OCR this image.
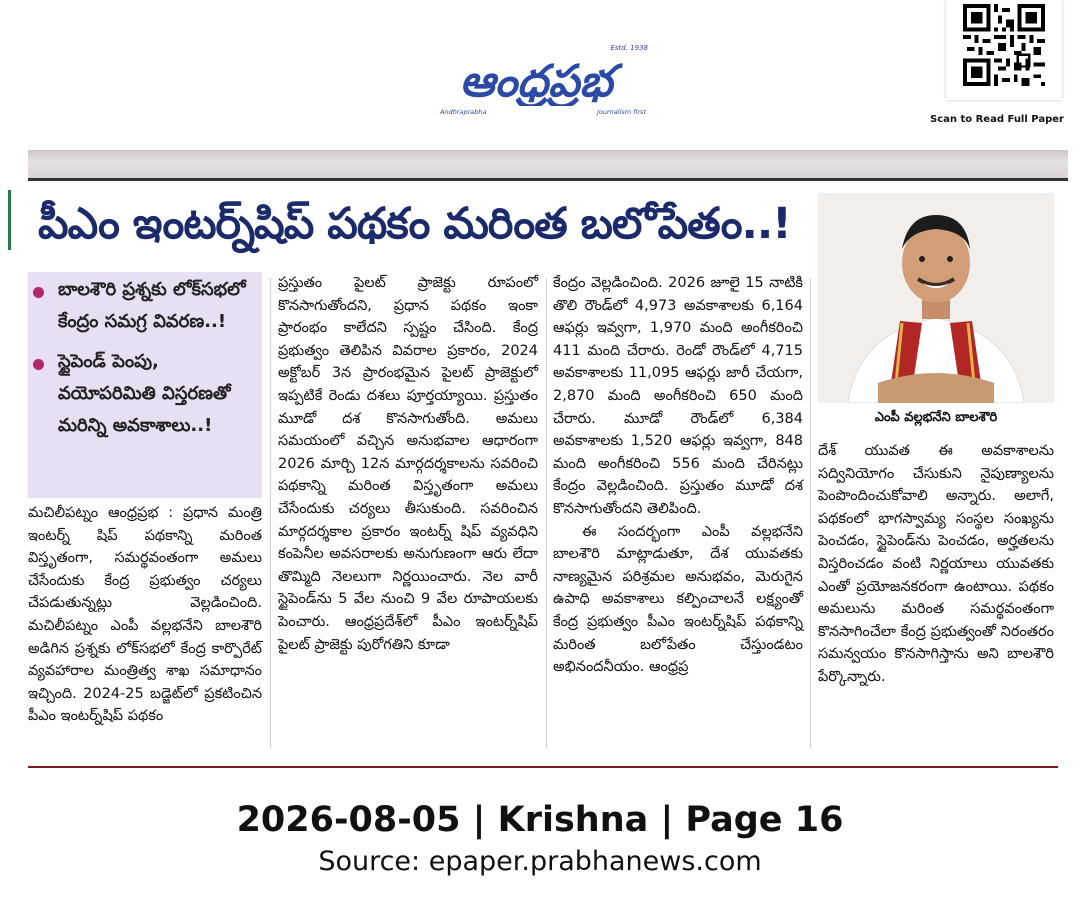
Estd. 1938
ఆంధ్రప్రభ
Andhraprabha	Journalism first
Scan to Read Full Paper
పీఎం ఇంటర్న్‌షిప్ పథకం మరింత బలోపేతం..!
బాలశౌరి ప్రశ్నకు లోక్‌సభలో కేంద్రం సమగ్ర వివరణ..!
స్టైపెండ్ పెంపు, వయోపరిమితి విస్తరణతో మరిన్ని అవకాశాలు..!
మచిలీపట్నం ఆంధ్రప్రభ : ప్రధాన మంత్రి ఇంటర్న్ షిప్ పథకాన్ని మరింత విస్తృతంగా, సమర్థవంతంగా అమలు చేసేందుకు కేంద్ర ప్రభుత్వం చర్యలు చేపడుతున్నట్లు వెల్లడించింది. మచిలీపట్నం ఎంపీ వల్లభనేని బాలశౌరి అడిగిన ప్రశ్నకు లోక్‌సభలో కేంద్ర కార్పొరేట్ వ్యవహారాల మంత్రిత్వ శాఖ సమాధానం ఇచ్చింది. 2024-25 బడ్జెట్‌లో ప్రకటించిన పీఎం ఇంటర్న్‌షిప్ పథకం
ప్రస్తుతం పైలట్ ప్రాజెక్టు రూపంలో కొనసాగుతోందని, ప్రధాన పథకం ఇంకా ప్రారంభం కాలేదని స్పష్టం చేసింది. కేంద్ర ప్రభుత్వం తెలిపిన వివరాల ప్రకారం, 2024 అక్టోబర్ 3న ప్రారంభమైన పైలట్ ప్రాజెక్టులో ఇప్పటికే రెండు దశలు పూర్తయ్యాయి. ప్రస్తుతం మూడో దశ కొనసాగుతోంది. అమలు సమయంలో వచ్చిన అనుభవాల ఆధారంగా 2026 మార్చి 12న మార్గదర్శకాలను సవరించి పథకాన్ని మరింత విస్తృతంగా అమలు చేసేందుకు చర్యలు తీసుకుంది. సవరించిన మార్గదర్శకాల ప్రకారం ఇంటర్న్ షిప్ వ్యవధిని కంపెనీల అవసరాలకు అనుగుణంగా ఆరు లేదా తొమ్మిది నెలలుగా నిర్ణయించారు. నెల వారీ స్టైపెండ్‌ను 5 వేల నుంచి 9 వేల రూపాయలకు పెంచారు. ఆంధ్రప్రదేశ్‌లో పీఎం ఇంటర్న్‌షిప్ పైలట్ ప్రాజెక్టు పురోగతిని కూడా
కేంద్రం వెల్లడించింది. 2026 జూలై 15 నాటికి తొలి రౌండ్‌లో 4,973 అవకాశాలకు 6,164 ఆఫర్లు ఇవ్వగా, 1,970 మంది అంగీకరించి 411 మంది చేరారు. రెండో రౌండ్‌లో 4,715 అవకాశాలకు 11,095 ఆఫర్లు జారీ చేయగా, 2,870 మంది అంగీకరించి 650 మంది చేరారు. మూడో రౌండ్‌లో 6,384 అవకాశాలకు 1,520 ఆఫర్లు ఇవ్వగా, 848 మంది అంగీకరించి 556 మంది చేరినట్లు కేంద్రం వెల్లడించింది. ప్రస్తుతం మూడో దశ కొనసాగుతోందని తెలిపింది.
ఈ సందర్భంగా ఎంపీ వల్లభనేని బాలశౌరి మాట్లాడుతూ, దేశ యువతకు నాణ్యమైన పరిశ్రమల అనుభవం, మెరుగైన ఉపాధి అవకాశాలు కల్పించాలనే లక్ష్యంతో కేంద్ర ప్రభుత్వం పీఎం ఇంటర్న్‌షిప్ పథకాన్ని మరింత బలోపేతం చేస్తుండటం అభినందనీయం. ఆంధ్రప్ర
ఎంపీ వల్లభనేని బాలశౌరి
దేశ్ యువత ఈ అవకాశాలను సద్వినియోగం చేసుకుని నైపుణ్యాలను పెంపొందించుకోవాలి అన్నారు. అలాగే, పథకంలో భాగస్వామ్య సంస్థల సంఖ్యను పెంచడం, స్టైపెండ్‌ను పెంచడం, అర్హతలను విస్తరించడం వంటి నిర్ణయాలు యువతకు ఎంతో ప్రయోజనకరంగా ఉంటాయి. పథకం అమలును మరింత సమర్థవంతంగా కొనసాగించేలా కేంద్ర ప్రభుత్వంతో నిరంతరం సమన్వయం కొనసాగిస్తాను అని బాలశౌరి పేర్కొన్నారు.
2026-08-05 | Krishna | Page 16
Source: epaper.prabhanews.com
